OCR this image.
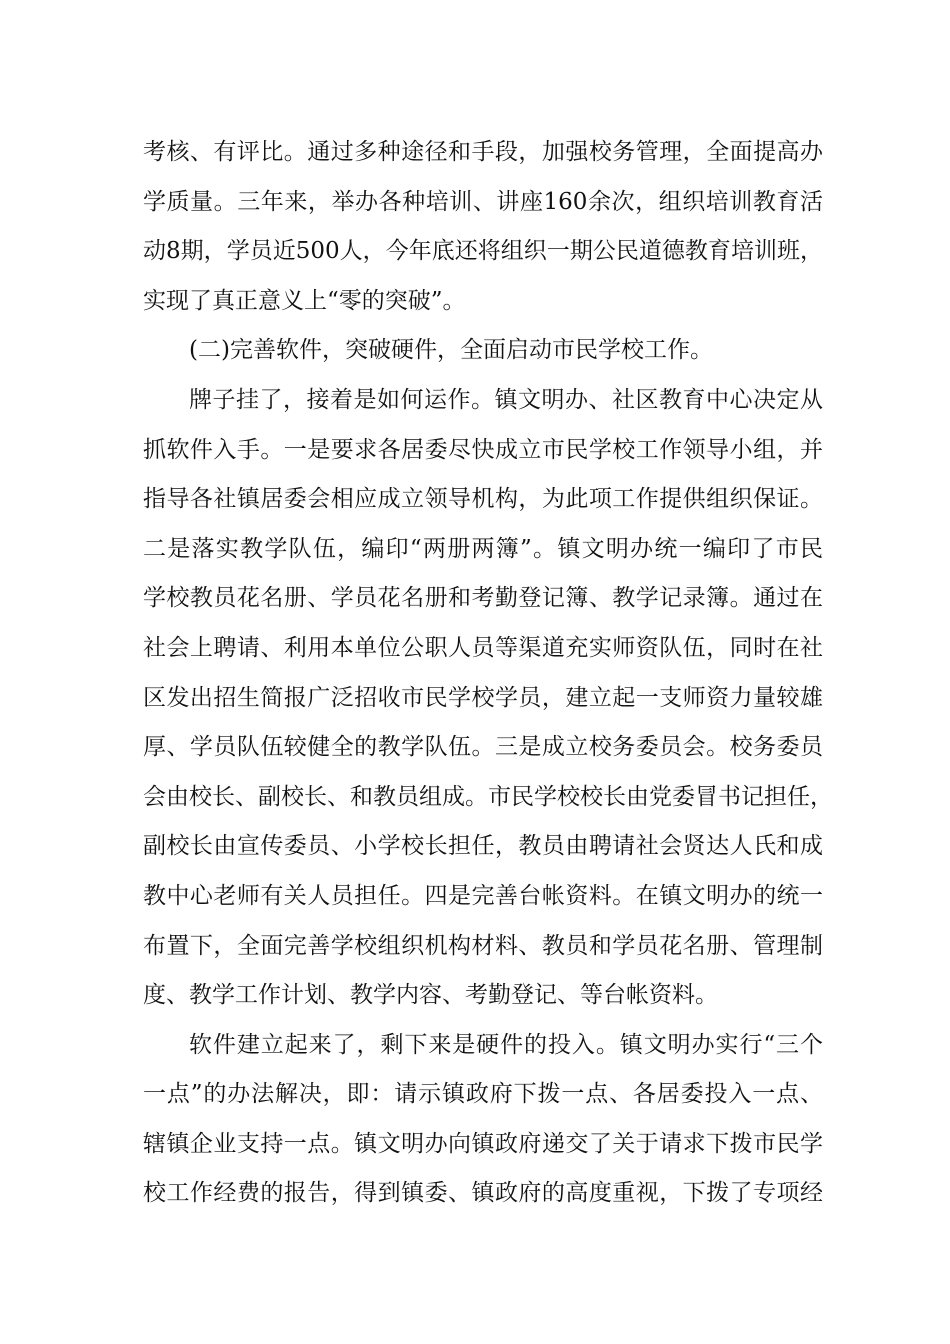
考核、有评比。通过多种途径和手段，加强校务管理，全面提高办
学质量。三年来，举办各种培训、讲座160余次，组织培训教育活
动8期，学员近500人，今年底还将组织一期公民道德教育培训班，
实现了真正意义上“零的突破”。
(二)完善软件，突破硬件，全面启动市民学校工作。
牌子挂了，接着是如何运作。镇文明办、社区教育中心决定从
抓软件入手。一是要求各居委尽快成立市民学校工作领导小组，并
指导各社镇居委会相应成立领导机构，为此项工作提供组织保证。
二是落实教学队伍，编印“两册两簿”。镇文明办统一编印了市民
学校教员花名册、学员花名册和考勤登记簿、教学记录簿。通过在
社会上聘请、利用本单位公职人员等渠道充实师资队伍，同时在社
区发出招生简报广泛招收市民学校学员，建立起一支师资力量较雄
厚、学员队伍较健全的教学队伍。三是成立校务委员会。校务委员
会由校长、副校长、和教员组成。市民学校校长由党委冒书记担任，
副校长由宣传委员、小学校长担任，教员由聘请社会贤达人氏和成
教中心老师有关人员担任。四是完善台帐资料。在镇文明办的统一
布置下，全面完善学校组织机构材料、教员和学员花名册、管理制
度、教学工作计划、教学内容、考勤登记、等台帐资料。
软件建立起来了，剩下来是硬件的投入。镇文明办实行“三个
一点”的办法解决，即：请示镇政府下拨一点、各居委投入一点、
辖镇企业支持一点。镇文明办向镇政府递交了关于请求下拨市民学
校工作经费的报告，得到镇委、镇政府的高度重视，下拨了专项经
